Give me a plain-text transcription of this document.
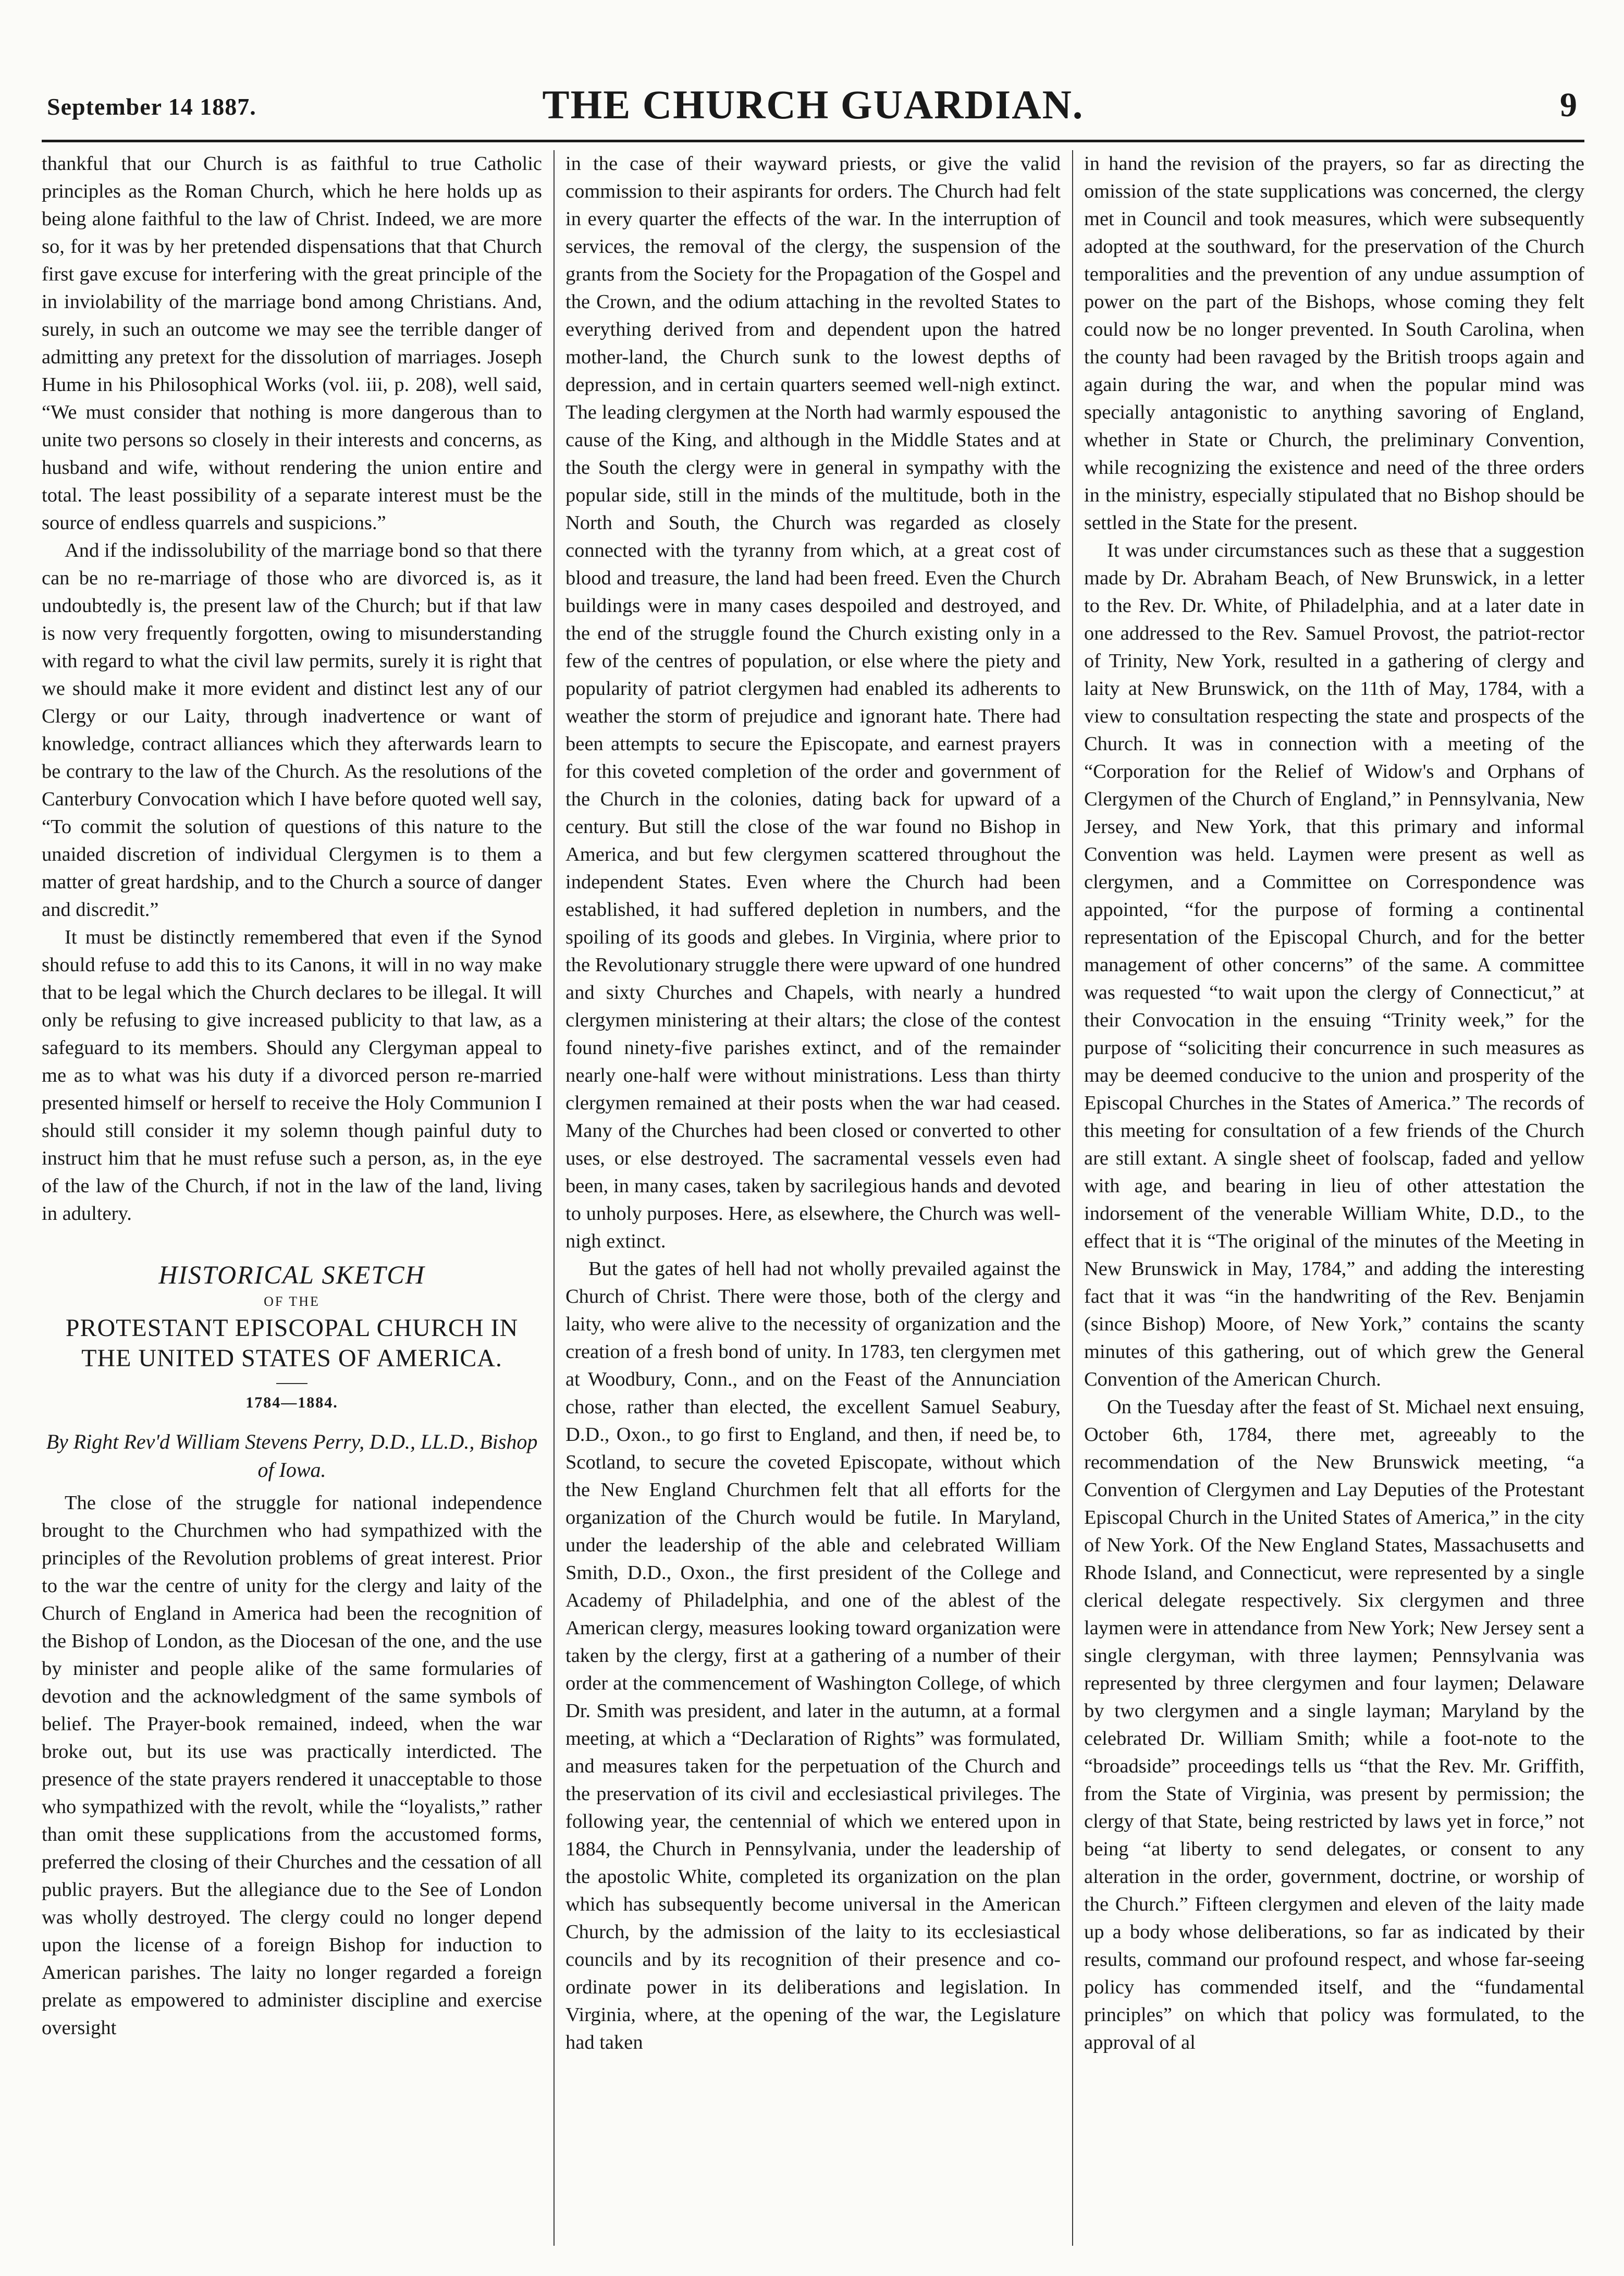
September 14 1887.	THE CHURCH GUARDIAN.	9

thankful that our Church is as faithful to true Catholic principles as the Roman Church, which he here holds up as being alone faithful to the law of Christ. Indeed, we are more so, for it was by her pretended dispensations that that Church first gave excuse for interfering with the great principle of the in inviolability of the marriage bond among Christians. And, surely, in such an outcome we may see the terrible danger of admitting any pretext for the dissolution of marriages. Joseph Hume in his Philosophical Works (vol. iii, p. 208), well said, “We must consider that nothing is more dangerous than to unite two persons so closely in their interests and concerns, as husband and wife, without rendering the union entire and total. The least possibility of a separate interest must be the source of endless quarrels and suspicions.”

And if the indissolubility of the marriage bond so that there can be no re-marriage of those who are divorced is, as it undoubtedly is, the present law of the Church; but if that law is now very frequently forgotten, owing to misunderstanding with regard to what the civil law permits, surely it is right that we should make it more evident and distinct lest any of our Clergy or our Laity, through inadvertence or want of knowledge, contract alliances which they afterwards learn to be contrary to the law of the Church. As the resolutions of the Canterbury Convocation which I have before quoted well say, “To commit the solution of questions of this nature to the unaided discretion of individual Clergymen is to them a matter of great hardship, and to the Church a source of danger and discredit.”

It must be distinctly remembered that even if the Synod should refuse to add this to its Canons, it will in no way make that to be legal which the Church declares to be illegal. It will only be refusing to give increased publicity to that law, as a safeguard to its members. Should any Clergyman appeal to me as to what was his duty if a divorced person re-married presented himself or herself to receive the Holy Communion I should still consider it my solemn though painful duty to instruct him that he must refuse such a person, as, in the eye of the law of the Church, if not in the law of the land, living in adultery.

HISTORICAL SKETCH
OF THE
PROTESTANT EPISCOPAL CHURCH IN THE UNITED STATES OF AMERICA.
1784—1884.
By Right Rev'd William Stevens Perry, D.D., LL.D., Bishop of Iowa.

The close of the struggle for national independence brought to the Churchmen who had sympathized with the principles of the Revolution problems of great interest. Prior to the war the centre of unity for the clergy and laity of the Church of England in America had been the recognition of the Bishop of London, as the Diocesan of the one, and the use by minister and people alike of the same formularies of devotion and the acknowledgment of the same symbols of belief. The Prayer-book remained, indeed, when the war broke out, but its use was practically interdicted. The presence of the state prayers rendered it unacceptable to those who sympathized with the revolt, while the “loyalists,” rather than omit these supplications from the accustomed forms, preferred the closing of their Churches and the cessation of all public prayers. But the allegiance due to the See of London was wholly destroyed. The clergy could no longer depend upon the license of a foreign Bishop for induction to American parishes. The laity no longer regarded a foreign prelate as empowered to administer discipline and exercise oversight

in the case of their wayward priests, or give the valid commission to their aspirants for orders. The Church had felt in every quarter the effects of the war. In the interruption of services, the removal of the clergy, the suspension of the grants from the Society for the Propagation of the Gospel and the Crown, and the odium attaching in the revolted States to everything derived from and dependent upon the hatred mother-land, the Church sunk to the lowest depths of depression, and in certain quarters seemed well-nigh extinct. The leading clergymen at the North had warmly espoused the cause of the King, and although in the Middle States and at the South the clergy were in general in sympathy with the popular side, still in the minds of the multitude, both in the North and South, the Church was regarded as closely connected with the tyranny from which, at a great cost of blood and treasure, the land had been freed. Even the Church buildings were in many cases despoiled and destroyed, and the end of the struggle found the Church existing only in a few of the centres of population, or else where the piety and popularity of patriot clergymen had enabled its adherents to weather the storm of prejudice and ignorant hate. There had been attempts to secure the Episcopate, and earnest prayers for this coveted completion of the order and government of the Church in the colonies, dating back for upward of a century. But still the close of the war found no Bishop in America, and but few clergymen scattered throughout the independent States. Even where the Church had been established, it had suffered depletion in numbers, and the spoiling of its goods and glebes. In Virginia, where prior to the Revolutionary struggle there were upward of one hundred and sixty Churches and Chapels, with nearly a hundred clergymen ministering at their altars; the close of the contest found ninety-five parishes extinct, and of the remainder nearly one-half were without ministrations. Less than thirty clergymen remained at their posts when the war had ceased. Many of the Churches had been closed or converted to other uses, or else destroyed. The sacramental vessels even had been, in many cases, taken by sacrilegious hands and devoted to unholy purposes. Here, as elsewhere, the Church was well-nigh extinct.

But the gates of hell had not wholly prevailed against the Church of Christ. There were those, both of the clergy and laity, who were alive to the necessity of organization and the creation of a fresh bond of unity. In 1783, ten clergymen met at Woodbury, Conn., and on the Feast of the Annunciation chose, rather than elected, the excellent Samuel Seabury, D.D., Oxon., to go first to England, and then, if need be, to Scotland, to secure the coveted Episcopate, without which the New England Churchmen felt that all efforts for the organization of the Church would be futile. In Maryland, under the leadership of the able and celebrated William Smith, D.D., Oxon., the first president of the College and Academy of Philadelphia, and one of the ablest of the American clergy, measures looking toward organization were taken by the clergy, first at a gathering of a number of their order at the commencement of Washington College, of which Dr. Smith was president, and later in the autumn, at a formal meeting, at which a “Declaration of Rights” was formulated, and measures taken for the perpetuation of the Church and the preservation of its civil and ecclesiastical privileges. The following year, the centennial of which we entered upon in 1884, the Church in Pennsylvania, under the leadership of the apostolic White, completed its organization on the plan which has subsequently become universal in the American Church, by the admission of the laity to its ecclesiastical councils and by its recognition of their presence and co-ordinate power in its deliberations and legislation. In Virginia, where, at the opening of the war, the Legislature had taken

in hand the revision of the prayers, so far as directing the omission of the state supplications was concerned, the clergy met in Council and took measures, which were subsequently adopted at the southward, for the preservation of the Church temporalities and the prevention of any undue assumption of power on the part of the Bishops, whose coming they felt could now be no longer prevented. In South Carolina, when the county had been ravaged by the British troops again and again during the war, and when the popular mind was specially antagonistic to anything savoring of England, whether in State or Church, the preliminary Convention, while recognizing the existence and need of the three orders in the ministry, especially stipulated that no Bishop should be settled in the State for the present.

It was under circumstances such as these that a suggestion made by Dr. Abraham Beach, of New Brunswick, in a letter to the Rev. Dr. White, of Philadelphia, and at a later date in one addressed to the Rev. Samuel Provost, the patriot-rector of Trinity, New York, resulted in a gathering of clergy and laity at New Brunswick, on the 11th of May, 1784, with a view to consultation respecting the state and prospects of the Church. It was in connection with a meeting of the “Corporation for the Relief of Widow's and Orphans of Clergymen of the Church of England,” in Pennsylvania, New Jersey, and New York, that this primary and informal Convention was held. Laymen were present as well as clergymen, and a Committee on Correspondence was appointed, “for the purpose of forming a continental representation of the Episcopal Church, and for the better management of other concerns” of the same. A committee was requested “to wait upon the clergy of Connecticut,” at their Convocation in the ensuing “Trinity week,” for the purpose of “soliciting their concurrence in such measures as may be deemed conducive to the union and prosperity of the Episcopal Churches in the States of America.” The records of this meeting for consultation of a few friends of the Church are still extant. A single sheet of foolscap, faded and yellow with age, and bearing in lieu of other attestation the indorsement of the venerable William White, D.D., to the effect that it is “The original of the minutes of the Meeting in New Brunswick in May, 1784,” and adding the interesting fact that it was “in the handwriting of the Rev. Benjamin (since Bishop) Moore, of New York,” contains the scanty minutes of this gathering, out of which grew the General Convention of the American Church.

On the Tuesday after the feast of St. Michael next ensuing, October 6th, 1784, there met, agreeably to the recommendation of the New Brunswick meeting, “a Convention of Clergymen and Lay Deputies of the Protestant Episcopal Church in the United States of America,” in the city of New York. Of the New England States, Massachusetts and Rhode Island, and Connecticut, were represented by a single clerical delegate respectively. Six clergymen and three laymen were in attendance from New York; New Jersey sent a single clergyman, with three laymen; Pennsylvania was represented by three clergymen and four laymen; Delaware by two clergymen and a single layman; Maryland by the celebrated Dr. William Smith; while a foot-note to the “broadside” proceedings tells us “that the Rev. Mr. Griffith, from the State of Virginia, was present by permission; the clergy of that State, being restricted by laws yet in force,” not being “at liberty to send delegates, or consent to any alteration in the order, government, doctrine, or worship of the Church.” Fifteen clergymen and eleven of the laity made up a body whose deliberations, so far as indicated by their results, command our profound respect, and whose far-seeing policy has commended itself, and the “fundamental principles” on which that policy was formulated, to the approval of al
